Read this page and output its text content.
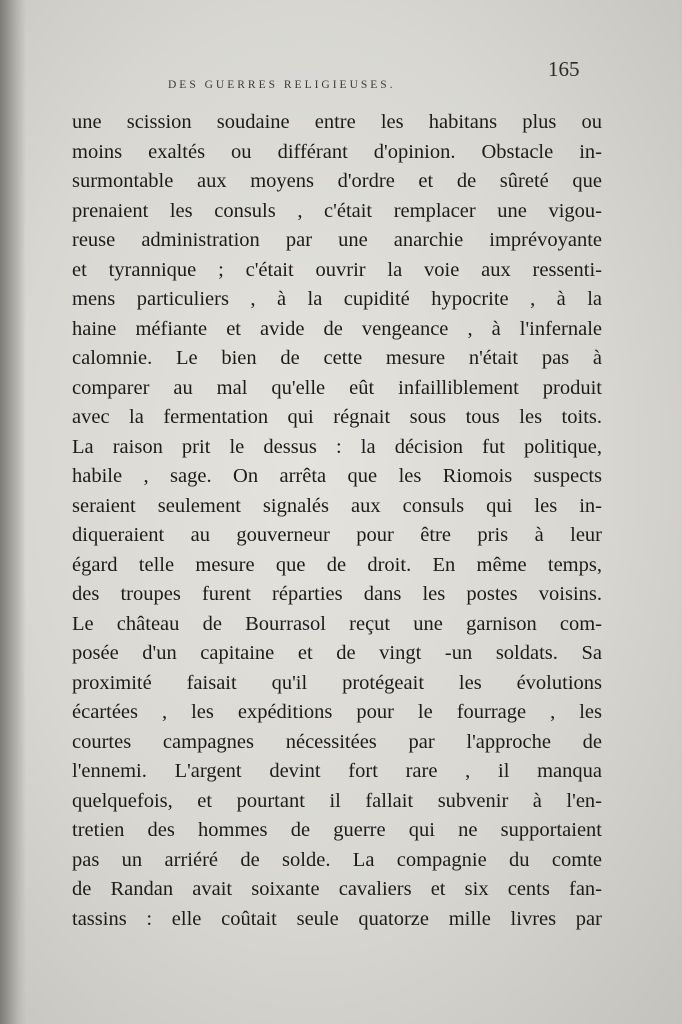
DES GUERRES RELIGIEUSES.
165
une scission soudaine entre les habitans plus ou
moins exaltés ou différant d'opinion. Obstacle in-
surmontable aux moyens d'ordre et de sûreté que
prenaient les consuls , c'était remplacer une vigou-
reuse administration par une anarchie imprévoyante
et tyrannique ; c'était ouvrir la voie aux ressenti-
mens particuliers , à la cupidité hypocrite , à la
haine méfiante et avide de vengeance , à l'infernale
calomnie. Le bien de cette mesure n'était pas à
comparer au mal qu'elle eût infailliblement produit
avec la fermentation qui régnait sous tous les toits.
La raison prit le dessus : la décision fut politique,
habile , sage. On arrêta que les Riomois suspects
seraient seulement signalés aux consuls qui les in-
diqueraient au gouverneur pour être pris à leur
égard telle mesure que de droit. En même temps,
des troupes furent réparties dans les postes voisins.
Le château de Bourrasol reçut une garnison com-
posée d'un capitaine et de vingt -un soldats. Sa
proximité faisait qu'il protégeait les évolutions
écartées , les expéditions pour le fourrage , les
courtes campagnes nécessitées par l'approche de
l'ennemi. L'argent devint fort rare , il manqua
quelquefois, et pourtant il fallait subvenir à l'en-
tretien des hommes de guerre qui ne supportaient
pas un arriéré de solde. La compagnie du comte
de Randan avait soixante cavaliers et six cents fan-
tassins : elle coûtait seule quatorze mille livres par
